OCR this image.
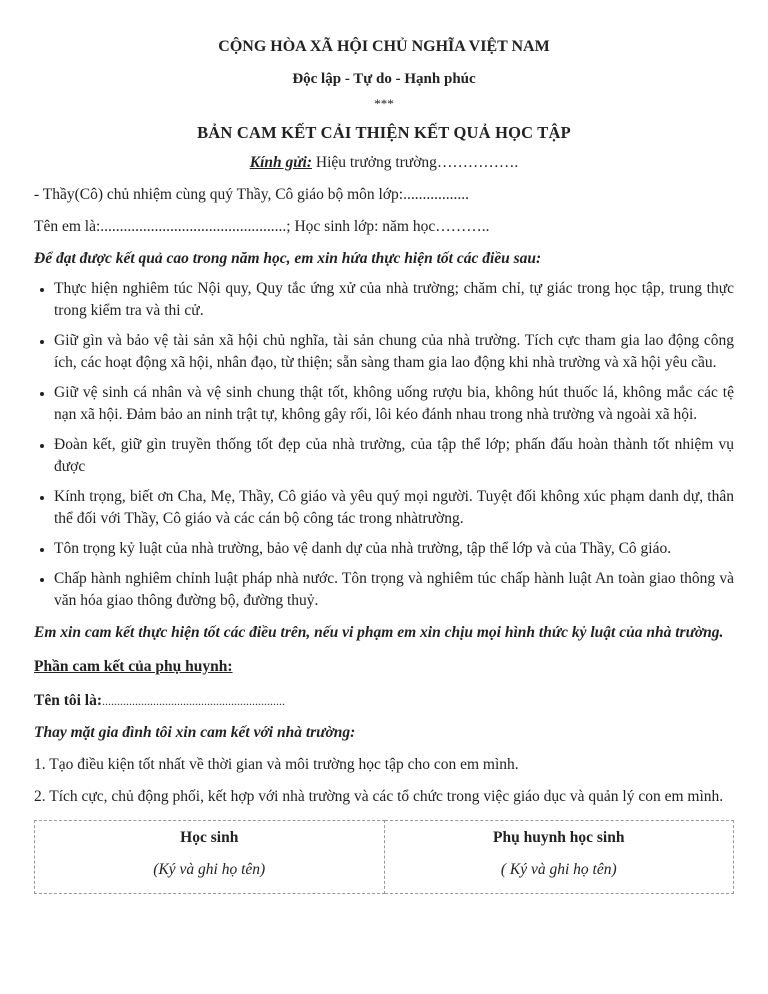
CỘNG HÒA XÃ HỘI CHỦ NGHĨA VIỆT NAM
Độc lập - Tự do - Hạnh phúc
***
BẢN CAM KẾT CẢI THIỆN KẾT QUẢ HỌC TẬP
Kính gửi: Hiệu trưởng trường…………….
- Thầy(Cô) chủ nhiệm cùng quý Thầy, Cô giáo bộ môn lớp:.................
Tên em là:................................................; Học sinh lớp: năm học………..
Để đạt được kết quả cao trong năm học, em xin hứa thực hiện tốt các điều sau:
• Thực hiện nghiêm túc Nội quy, Quy tắc ứng xử của nhà trường; chăm chỉ, tự giác trong học tập, trung thực trong kiểm tra và thi cử.
• Giữ gìn và bảo vệ tài sản xã hội chủ nghĩa, tài sản chung của nhà trường. Tích cực tham gia lao động công ích, các hoạt động xã hội, nhân đạo, từ thiện; sẵn sàng tham gia lao động khi nhà trường và xã hội yêu cầu.
• Giữ vệ sinh cá nhân và vệ sinh chung thật tốt, không uống rượu bia, không hút thuốc lá, không mắc các tệ nạn xã hội. Đảm bảo an ninh trật tự, không gây rối, lôi kéo đánh nhau trong nhà trường và ngoài xã hội.
• Đoàn kết, giữ gìn truyền thống tốt đẹp của nhà trường, của tập thể lớp; phấn đấu hoàn thành tốt nhiệm vụ được
• Kính trọng, biết ơn Cha, Mẹ, Thầy, Cô giáo và yêu quý mọi người. Tuyệt đối không xúc phạm danh dự, thân thể đối với Thầy, Cô giáo và các cán bộ công tác trong nhàtrường.
• Tôn trọng kỷ luật của nhà trường, bảo vệ danh dự của nhà trường, tập thể lớp và của Thầy, Cô giáo.
• Chấp hành nghiêm chỉnh luật pháp nhà nước. Tôn trọng và nghiêm túc chấp hành luật An toàn giao thông và văn hóa giao thông đường bộ, đường thuỷ.
Em xin cam kết thực hiện tốt các điều trên, nếu vi phạm em xin chịu mọi hình thức kỷ luật của nhà trường.
Phần cam kết của phụ huynh:
Tên tôi là:.............................................................
Thay mặt gia đình tôi xin cam kết với nhà trường:
1. Tạo điều kiện tốt nhất về thời gian và môi trường học tập cho con em mình.
2. Tích cực, chủ động phối, kết hợp với nhà trường và các tổ chức trong việc giáo dục và quản lý con em mình.
Học sinh
(Ký và ghi họ tên)

Phụ huynh học sinh
( Ký và ghi họ tên)
